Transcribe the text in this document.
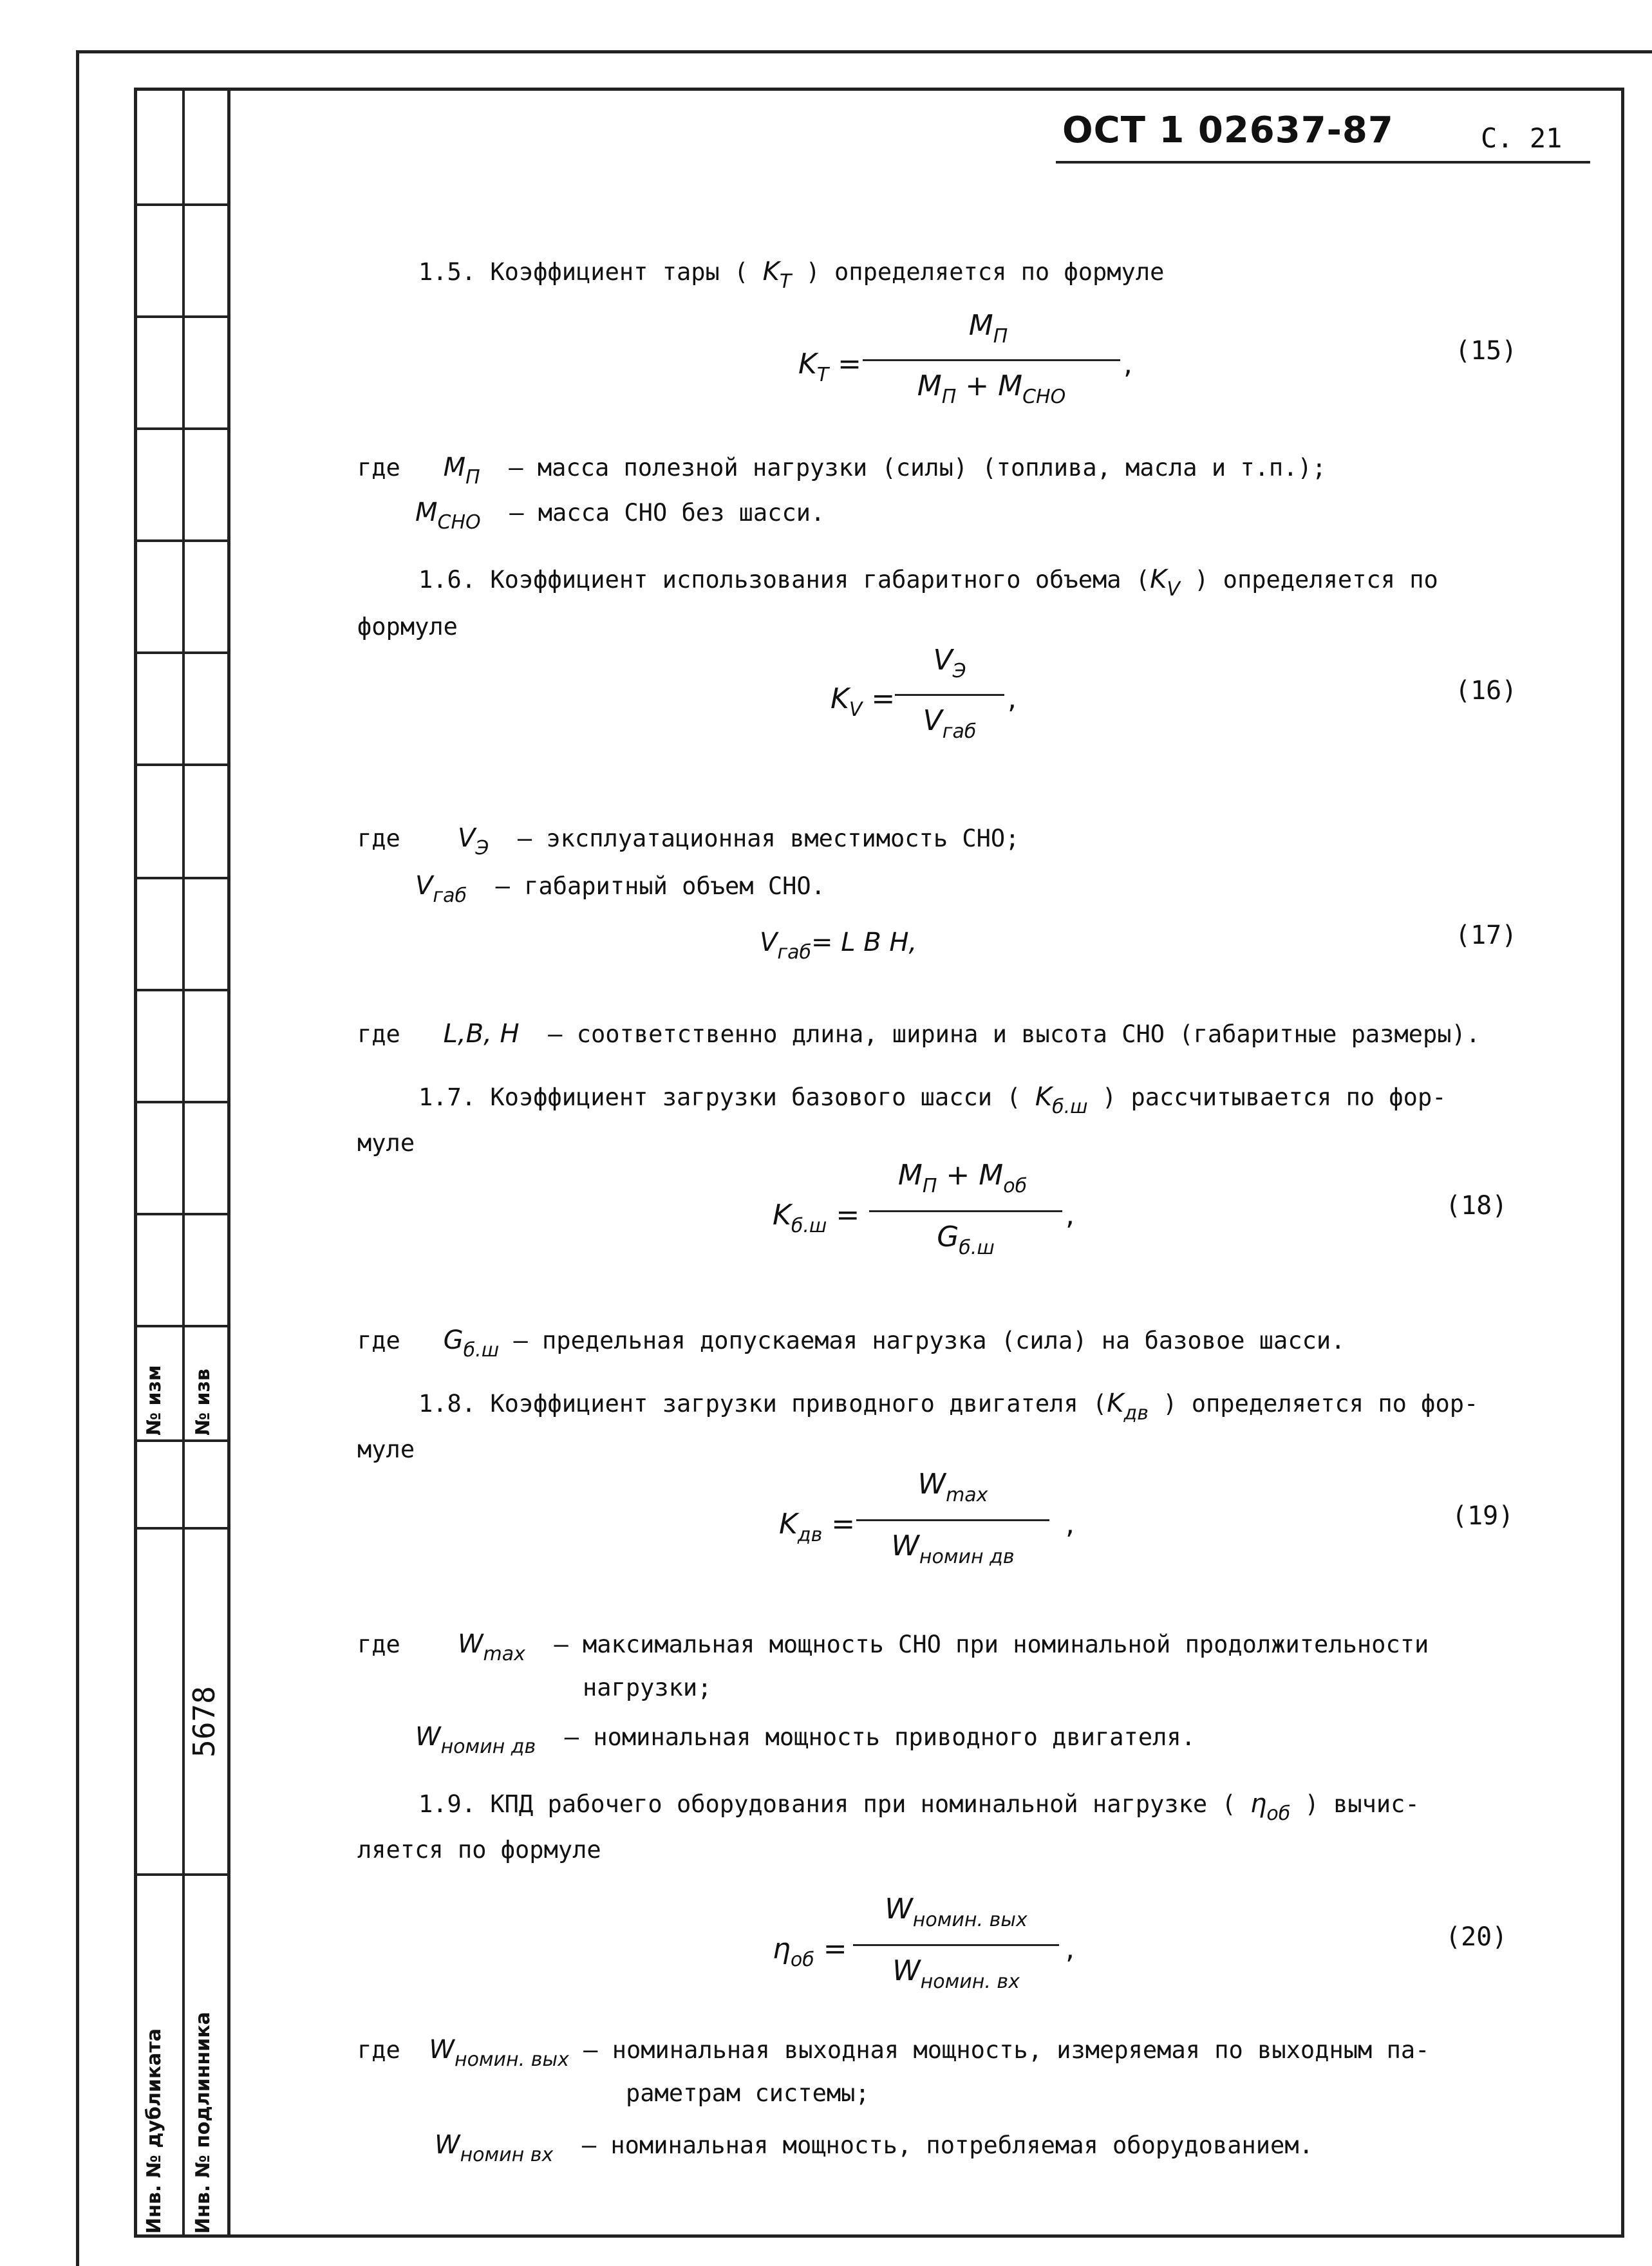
№ изм № изв
5678
Инв. № дубликата Инв. № подлинника
ОСТ 1 02637-87	С. 21
1.5. Коэффициент тары ( $K_T$ ) определяется по формуле
$K_T$ =
$M_П$
$M_П + M_{СНО}$
,	(15)
где $M_П$ – масса полезной нагрузки (силы) (топлива, масла и т.п.);
$M_{СНО}$ – масса СНО без шасси.
1.6. Коэффициент использования габаритного объема ($K_V$ ) определяется по
формуле
$K_V$ =
$V_Э$
$V_{габ}$
,	(16)
где $V_Э$ – эксплуатационная вместимость СНО;
$V_{габ}$ – габаритный объем СНО.
$V_{габ}= L$ B H,	(17)
где L,B, H – соответственно длина, ширина и высота СНО (габаритные размеры).
1.7. Коэффициент загрузки базового шасси ( $K_{б.ш}$ ) рассчитывается по фор-
муле
$K_{б.ш}$ =
$M_П + M_{об}$
$G_{б.ш}$
,	(18)
где $G_{б.ш}$ – предельная допускаемая нагрузка (сила) на базовое шасси.
1.8. Коэффициент загрузки приводного двигателя ($K_{дв}$ ) определяется по фор-
муле
$K_{дв}$ =
$W_{max}$
$W_{номин дв}$
,	(19)
где $W_{max}$ – максимальная мощность СНО при номинальной продолжительности
нагрузки;
$W_{номин дв}$ – номинальная мощность приводного двигателя.
1.9. КПД рабочего оборудования при номинальной нагрузке ( $\eta_{об}$ ) вычис-
ляется по формуле
$\eta_{об}$ =
$W_{номин. вых}$
$W_{номин. вх}$
,	(20)
где $W_{номин. вых}$ – номинальная выходная мощность, измеряемая по выходным па-
раметрам системы;
$W_{номин вх}$ – номинальная мощность, потребляемая оборудованием.
